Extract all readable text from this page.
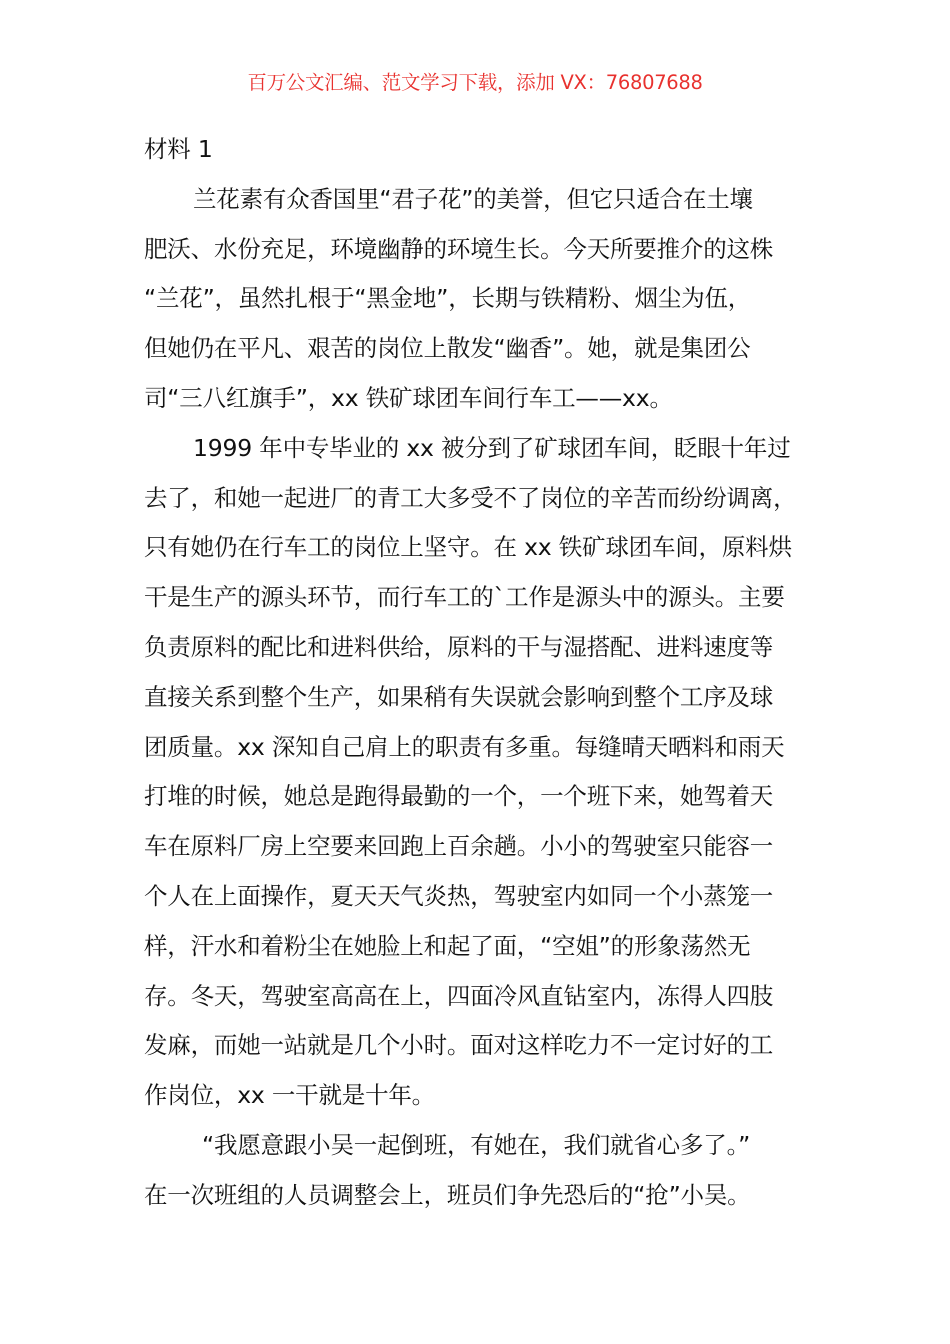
百万公文汇编、范文学习下载，添加 VX：76807688
材料 1
兰花素有众香国里“君子花”的美誉，但它只适合在土壤
肥沃、水份充足，环境幽静的环境生长。今天所要推介的这株
“兰花”，虽然扎根于“黑金地”，长期与铁精粉、烟尘为伍，
但她仍在平凡、艰苦的岗位上散发“幽香”。她，就是集团公
司“三八红旗手”，xx 铁矿球团车间行车工——xx。
1999 年中专毕业的 xx 被分到了矿球团车间，眨眼十年过
去了，和她一起进厂的青工大多受不了岗位的辛苦而纷纷调离，
只有她仍在行车工的岗位上坚守。在 xx 铁矿球团车间，原料烘
干是生产的源头环节，而行车工的`工作是源头中的源头。主要
负责原料的配比和进料供给，原料的干与湿搭配、进料速度等
直接关系到整个生产，如果稍有失误就会影响到整个工序及球
团质量。xx 深知自己肩上的职责有多重。每缝晴天晒料和雨天
打堆的时候，她总是跑得最勤的一个，一个班下来，她驾着天
车在原料厂房上空要来回跑上百余趟。小小的驾驶室只能容一
个人在上面操作，夏天天气炎热，驾驶室内如同一个小蒸笼一
样，汗水和着粉尘在她脸上和起了面，“空姐”的形象荡然无
存。冬天，驾驶室高高在上，四面冷风直钻室内，冻得人四肢
发麻，而她一站就是几个小时。面对这样吃力不一定讨好的工
作岗位，xx 一干就是十年。
“我愿意跟小吴一起倒班，有她在，我们就省心多了。”
在一次班组的人员调整会上，班员们争先恐后的“抢”小吴。
